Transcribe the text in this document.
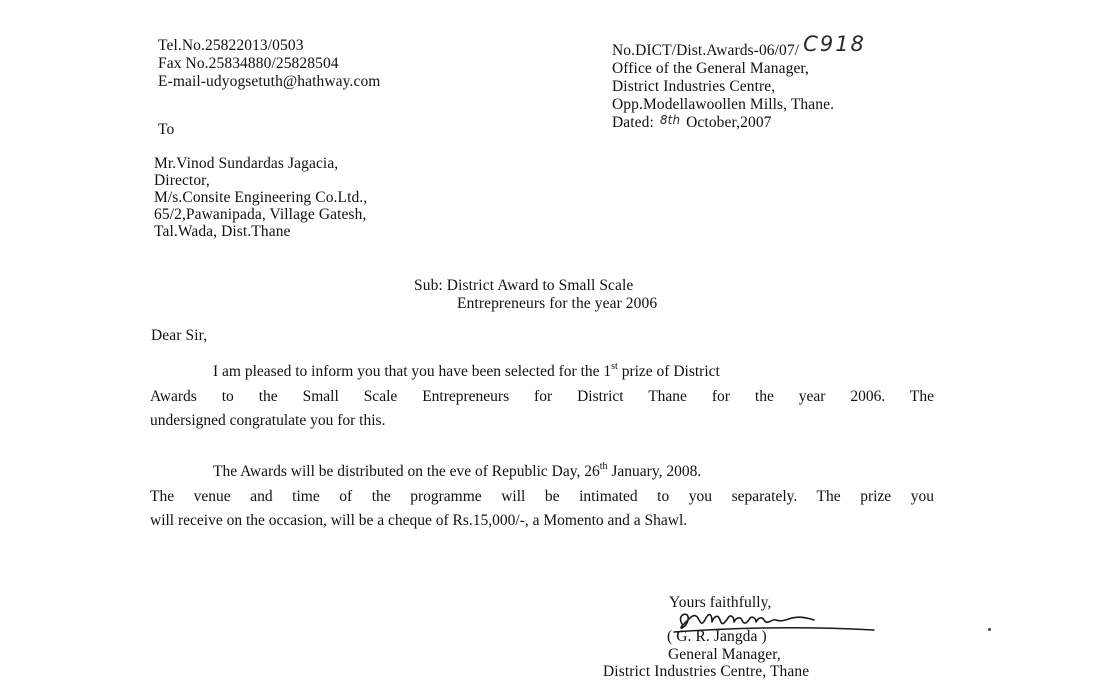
Tel.No.25822013/0503
Fax No.25834880/25828504
E-mail-udyogsetuth@hathway.com
No.DICT/Dist.Awards-06/07/ C918
Office of the General Manager,
District Industries Centre,
Opp.Modellawoollen Mills, Thane.
Dated: 8th October,2007
To
Mr.Vinod Sundardas Jagacia,
Director,
M/s.Consite Engineering Co.Ltd.,
65/2,Pawanipada, Village Gatesh,
Tal.Wada, Dist.Thane
Sub: District Award to Small Scale
Entrepreneurs for the year 2006
Dear Sir,
I am pleased to inform you that you have been selected for the 1st prize of District
Awards to the Small Scale Entrepreneurs for District Thane for the year 2006. The
undersigned congratulate you for this.
The Awards will be distributed on the eve of Republic Day, 26th January, 2008.
The venue and time of the programme will be intimated to you separately. The prize you
will receive on the occasion, will be a cheque of Rs.15,000/-, a Momento and a Shawl.
Yours faithfully,
( G. R. Jangda )
General Manager,
District Industries Centre, Thane
